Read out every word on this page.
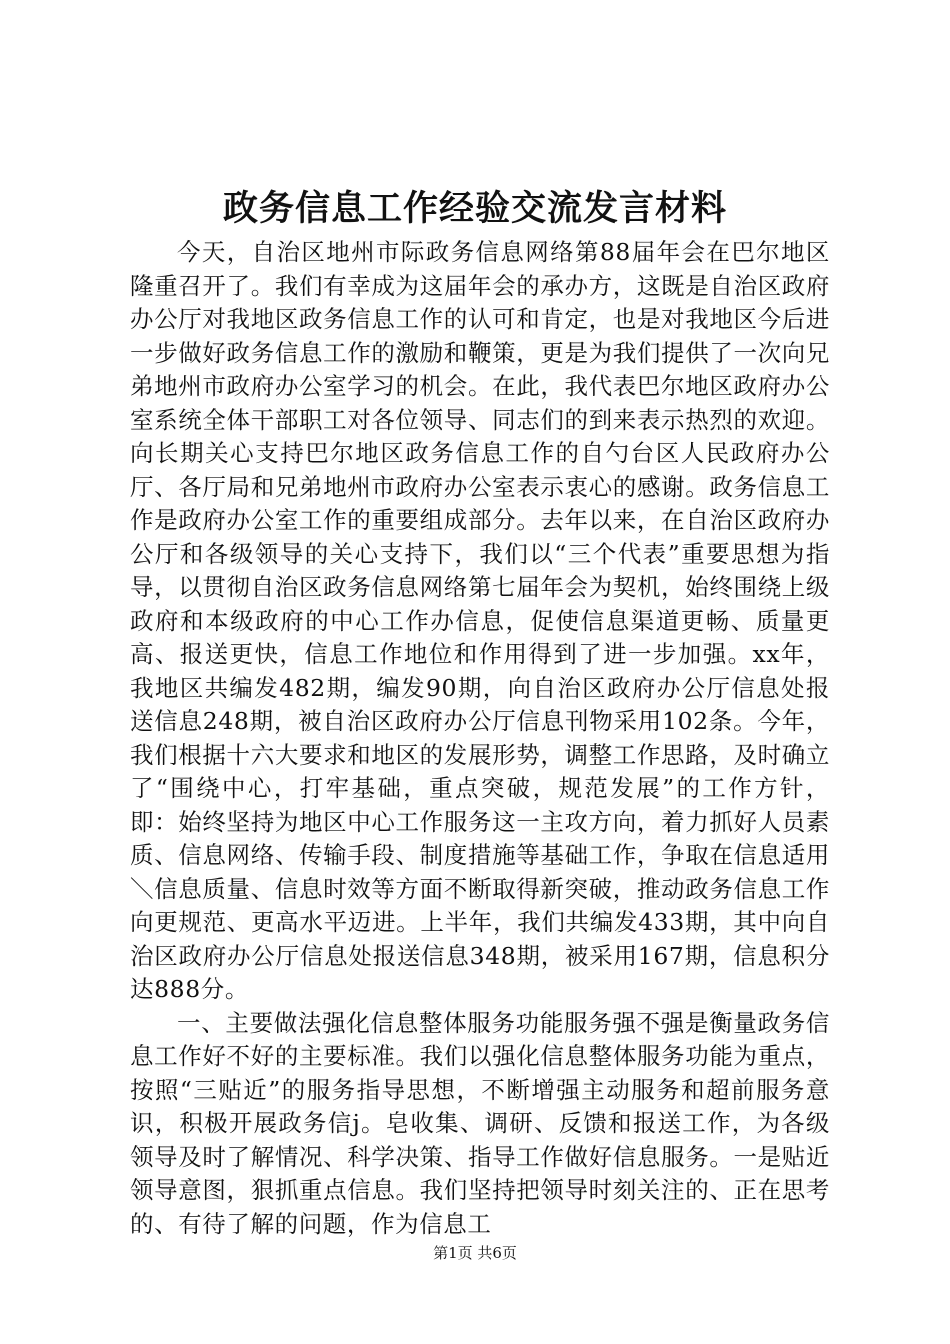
政务信息工作经验交流发言材料

今天，自治区地州市际政务信息网络第88届年会在巴尔地区隆重召开了。我们有幸成为这届年会的承办方，这既是自治区政府办公厅对我地区政务信息工作的认可和肯定，也是对我地区今后进一步做好政务信息工作的激励和鞭策，更是为我们提供了一次向兄弟地州市政府办公室学习的机会。在此，我代表巴尔地区政府办公室系统全体干部职工对各位领导、同志们的到来表示热烈的欢迎。向长期关心支持巴尔地区政务信息工作的自勺台区人民政府办公厅、各厅局和兄弟地州市政府办公室表示衷心的感谢。政务信息工作是政府办公室工作的重要组成部分。去年以来，在自治区政府办公厅和各级领导的关心支持下，我们以“三个代表”重要思想为指导，以贯彻自治区政务信息网络第七届年会为契机，始终围绕上级政府和本级政府的中心工作办信息，促使信息渠道更畅、质量更高、报送更快，信息工作地位和作用得到了进一步加强。xx年，我地区共编发482期，编发90期，向自治区政府办公厅信息处报送信息248期，被自治区政府办公厅信息刊物采用102条。今年，我们根据十六大要求和地区的发展形势，调整工作思路，及时确立了“围绕中心，打牢基础，重点突破，规范发展”的工作方针，即：始终坚持为地区中心工作服务这一主攻方向，着力抓好人员素质、信息网络、传输手段、制度措施等基础工作，争取在信息适用＼信息质量、信息时效等方面不断取得新突破，推动政务信息工作向更规范、更高水平迈进。上半年，我们共编发433期，其中向自治区政府办公厅信息处报送信息348期，被采用167期，信息积分达888分。

一、主要做法强化信息整体服务功能服务强不强是衡量政务信息工作好不好的主要标准。我们以强化信息整体服务功能为重点，按照“三贴近”的服务指导思想，不断增强主动服务和超前服务意识，积极开展政务信j。皂收集、调研、反馈和报送工作，为各级领导及时了解情况、科学决策、指导工作做好信息服务。一是贴近领导意图，狠抓重点信息。我们坚持把领导时刻关注的、正在思考的、有待了解的问题，作为信息工

第1页 共6页
